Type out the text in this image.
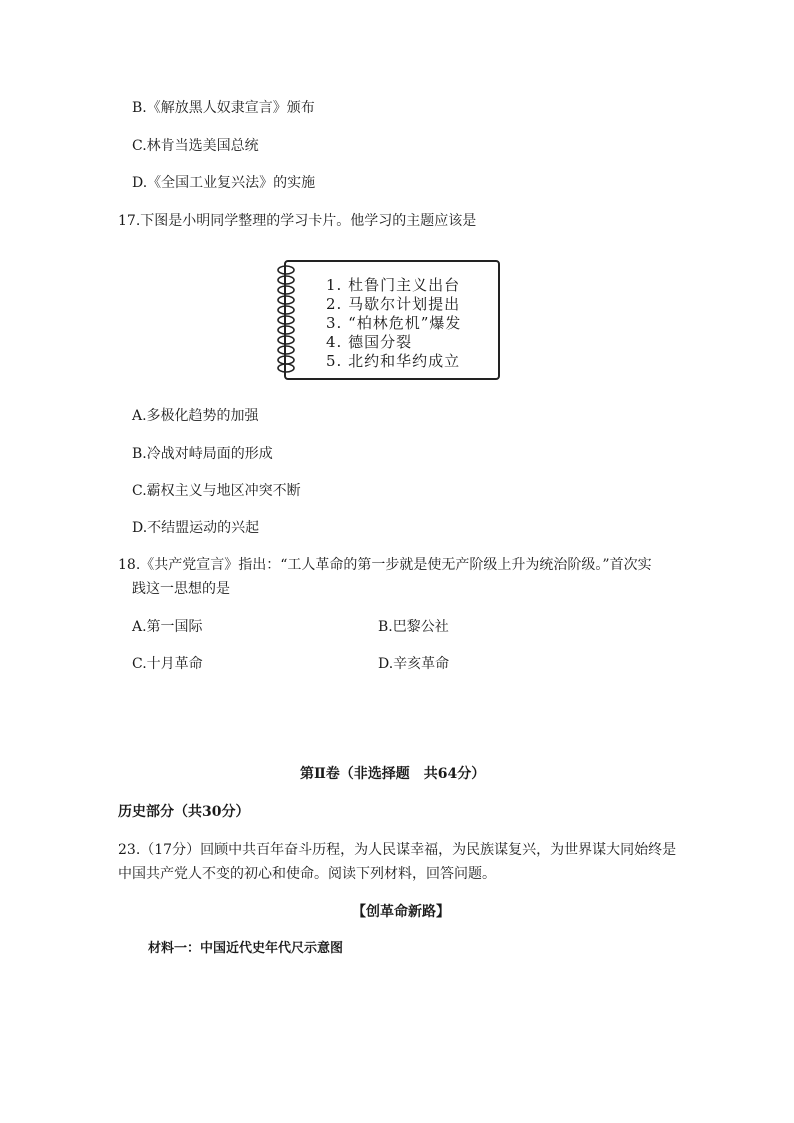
B.《解放黑人奴隶宣言》颁布
C.林肯当选美国总统
D.《全国工业复兴法》的实施
17.下图是小明同学整理的学习卡片。他学习的主题应该是
1. 杜鲁门主义出台
2. 马歇尔计划提出
3. “柏林危机”爆发
4. 德国分裂
5. 北约和华约成立
A.多极化趋势的加强
B.冷战对峙局面的形成
C.霸权主义与地区冲突不断
D.不结盟运动的兴起
18.《共产党宣言》指出：“工人革命的第一步就是使无产阶级上升为统治阶级。”首次实
践这一思想的是
A.第一国际	B.巴黎公社
C.十月革命	D.辛亥革命
第Ⅱ卷（非选择题　共64分）
历史部分（共30分）
23.（17分）回顾中共百年奋斗历程，为人民谋幸福，为民族谋复兴，为世界谋大同始终是
中国共产党人不变的初心和使命。阅读下列材料，回答问题。
【创革命新路】
材料一：中国近代史年代尺示意图
